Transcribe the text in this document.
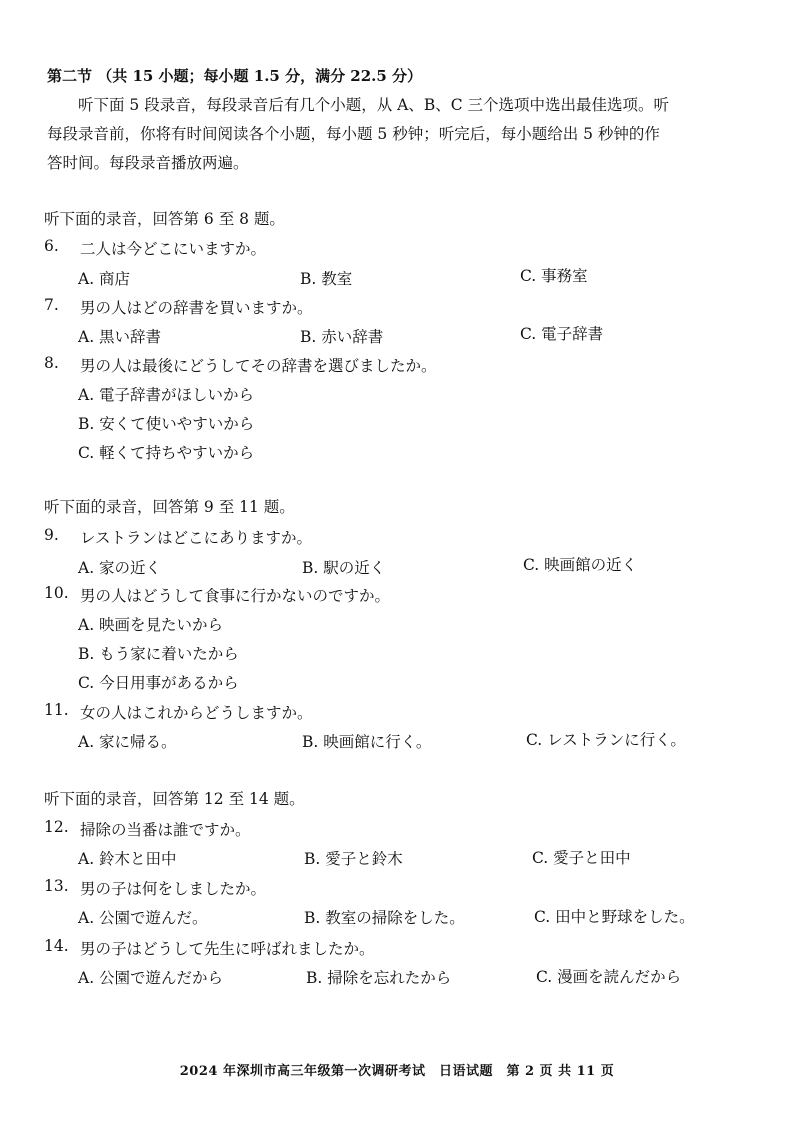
第二节 （共 15 小题；每小题 1.5 分，满分 22.5 分）
听下面 5 段录音，每段录音后有几个小题，从 A、B、C 三个选项中选出最佳选项。听
每段录音前，你将有时间阅读各个小题，每小题 5 秒钟；听完后，每小题给出 5 秒钟的作
答时间。每段录音播放两遍。
听下面的录音，回答第 6 至 8 题。
6. 二人は今どこにいますか。
A. 商店	B. 教室	C. 事務室
7. 男の人はどの辞書を買いますか。
A. 黒い辞書	B. 赤い辞書	C. 電子辞書
8. 男の人は最後にどうしてその辞書を選びましたか。
A. 電子辞書がほしいから
B. 安くて使いやすいから
C. 軽くて持ちやすいから
听下面的录音，回答第 9 至 11 题。
9. レストランはどこにありますか。
A. 家の近く	B. 駅の近く	C. 映画館の近く
10. 男の人はどうして食事に行かないのですか。
A. 映画を見たいから
B. もう家に着いたから
C. 今日用事があるから
11. 女の人はこれからどうしますか。
A. 家に帰る。	B. 映画館に行く。	C. レストランに行く。
听下面的录音，回答第 12 至 14 题。
12. 掃除の当番は誰ですか。
A. 鈴木と田中	B. 愛子と鈴木	C. 愛子と田中
13. 男の子は何をしましたか。
A. 公園で遊んだ。	B. 教室の掃除をした。	C. 田中と野球をした。
14. 男の子はどうして先生に呼ばれましたか。
A. 公園で遊んだから	B. 掃除を忘れたから	C. 漫画を読んだから
2024 年深圳市高三年级第一次调研考试　日语试题　第 2 页 共 11 页
